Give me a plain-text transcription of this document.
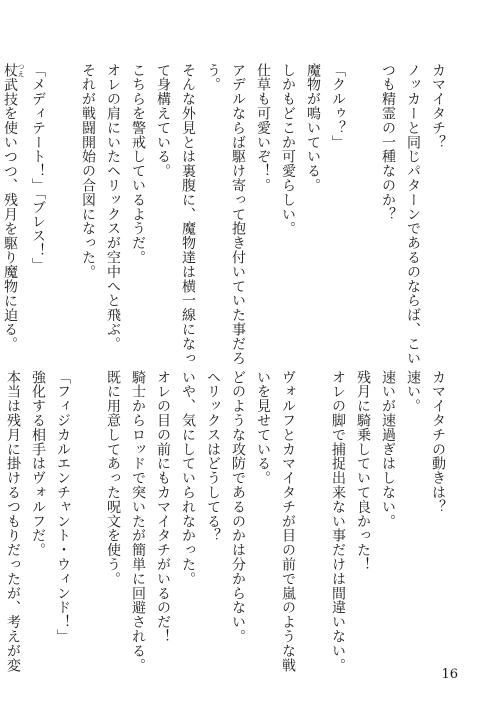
カマイタチ？
ノッカーと同じパターンであるのならば、こい
つも精霊の一種なのか？

「クルゥ？」
魔物が鳴いている。
しかもどこか可愛らしい。
仕草も可愛いぞ！。
アデルならば駆け寄って抱き付いていた事だろ
う。
そんな外見とは裏腹に、魔物達は横一線になっ
て身構えている。
こちらを警戒しているようだ。
オレの肩にいたヘリックスが空中へと飛ぶ。
それが戦闘開始の合図になった。

「メディテート！」「ブレス！」
杖 つえ武技を使いつつ、残月を駆り魔物に迫る。
カマイタチの動きは？
速い。
速いが速過ぎはしない。
残月に騎乗していて良かった！
オレの脚で捕捉出来ない事だけは間違いない。

ヴォルフとカマイタチが目の前で嵐のような戦
いを見せている。
どのような攻防であるのかは分からない。
ヘリックスはどうしてる？
いや、気にしていられなかった。
オレの目の前にもカマイタチがいるのだ！
騎士からロッドで突いたが簡単に回避される。
既に用意してあった呪文を使う。

「フィジカルエンチャント・ウィンド！」
強化する相手はヴォルフだ。
本当は残月に掛けるつもりだったが、考えが変
16
